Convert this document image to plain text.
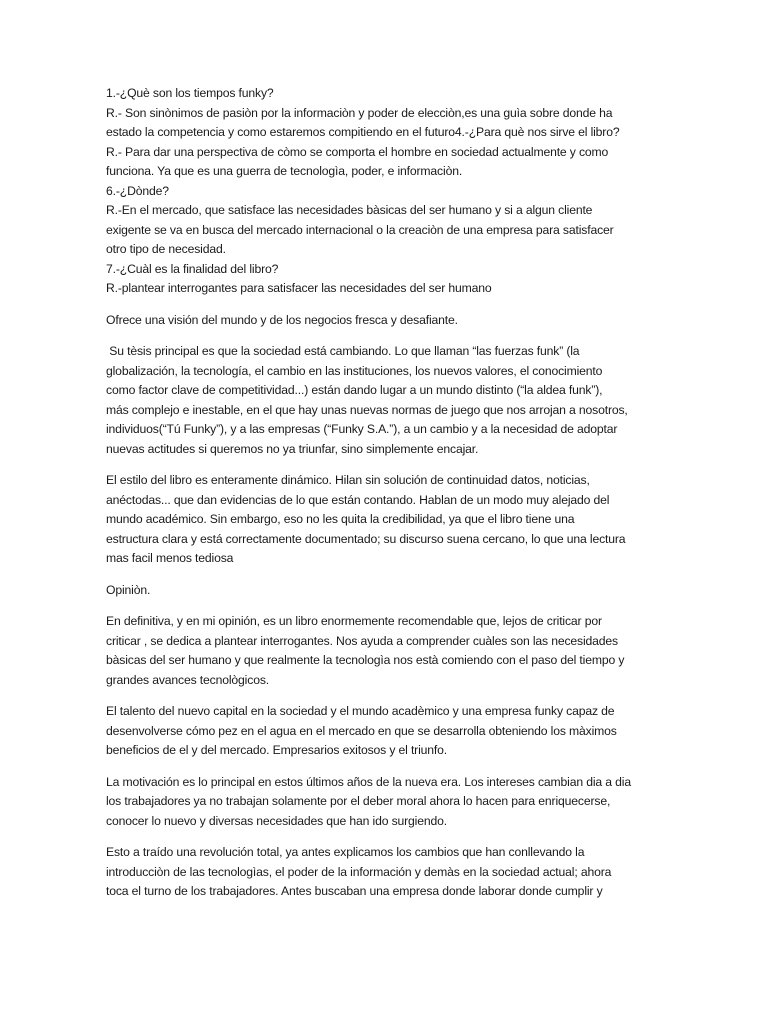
1.-¿Què son los tiempos funky?
R.- Son sinònimos de pasiòn por la informaciòn y poder de elecciòn,es una guìa sobre donde ha
estado la competencia y como estaremos compitiendo en el futuro4.-¿Para què nos sirve el libro?
R.- Para dar una perspectiva de còmo se comporta el hombre en sociedad actualmente y como
funciona. Ya que es una guerra de tecnologìa, poder, e informaciòn.
6.-¿Dònde?
R.-En el mercado, que satisface las necesidades bàsicas del ser humano y si a algun cliente
exigente se va en busca del mercado internacional o la creaciòn de una empresa para satisfacer
otro tipo de necesidad.
7.-¿Cuàl es la finalidad del libro?
R.-plantear interrogantes para satisfacer las necesidades del ser humano
Ofrece una visión del mundo y de los negocios fresca y desafiante.
Su tèsis principal es que la sociedad está cambiando. Lo que llaman “las fuerzas funk” (la
globalización, la tecnología, el cambio en las instituciones, los nuevos valores, el conocimiento
como factor clave de competitividad...) están dando lugar a un mundo distinto (“la aldea funk”),
más complejo e inestable, en el que hay unas nuevas normas de juego que nos arrojan a nosotros,
individuos(“Tú Funky”), y a las empresas (“Funky S.A.”), a un cambio y a la necesidad de adoptar
nuevas actitudes si queremos no ya triunfar, sino simplemente encajar.
El estilo del libro es enteramente dinámico. Hilan sin solución de continuidad datos, noticias,
anéctodas... que dan evidencias de lo que están contando. Hablan de un modo muy alejado del
mundo académico. Sin embargo, eso no les quita la credibilidad, ya que el libro tiene una
estructura clara y está correctamente documentado; su discurso suena cercano, lo que una lectura
mas facil menos tediosa
Opiniòn.
En definitiva, y en mi opinión, es un libro enormemente recomendable que, lejos de criticar por
criticar , se dedica a plantear interrogantes. Nos ayuda a comprender cuàles son las necesidades
bàsicas del ser humano y que realmente la tecnologìa nos està comiendo con el paso del tiempo y
grandes avances tecnològicos.
El talento del nuevo capital en la sociedad y el mundo acadèmico y una empresa funky capaz de
desenvolverse cómo pez en el agua en el mercado en que se desarrolla obteniendo los màximos
beneficios de el y del mercado. Empresarios exitosos y el triunfo.
La motivación es lo principal en estos últimos años de la nueva era. Los intereses cambian dia a dia
los trabajadores ya no trabajan solamente por el deber moral ahora lo hacen para enriquecerse,
conocer lo nuevo y diversas necesidades que han ido surgiendo.
Esto a traído una revolución total, ya antes explicamos los cambios que han conllevando la
introducciòn de las tecnologìas, el poder de la información y demàs en la sociedad actual; ahora
toca el turno de los trabajadores. Antes buscaban una empresa donde laborar donde cumplir y
